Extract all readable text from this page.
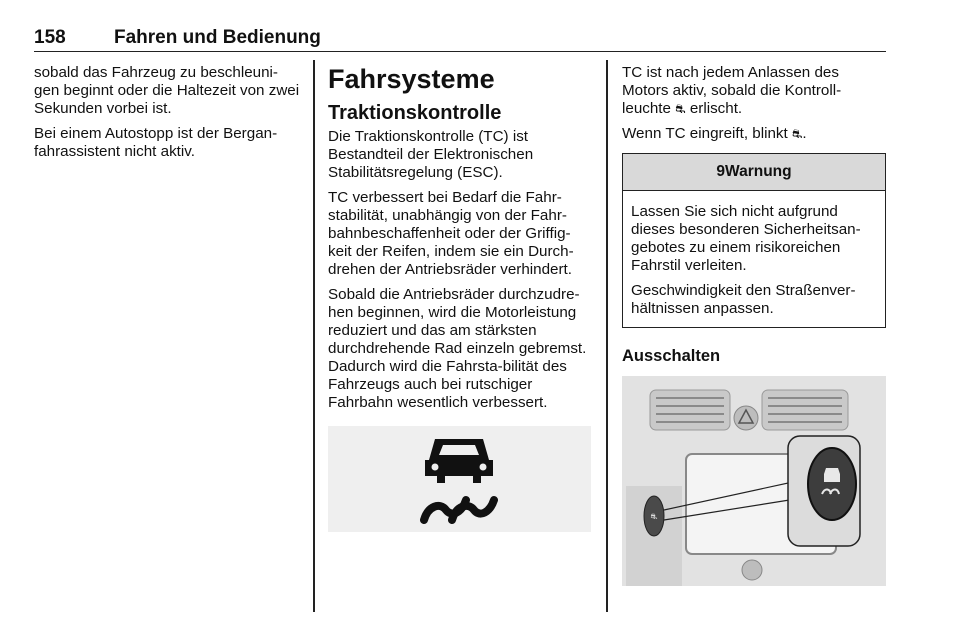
158	Fahren und Bedienung

sobald das Fahrzeug zu beschleuni-gen beginnt oder die Haltezeit von zwei Sekunden vorbei ist.

Bei einem Autostopp ist der Bergan-fahrassistent nicht aktiv.

Fahrsysteme
Traktionskontrolle

Die Traktionskontrolle (TC) ist Bestandteil der Elektronischen Stabilitätsregelung (ESC).

TC verbessert bei Bedarf die Fahr-stabilität, unabhängig von der Fahr-bahnbeschaffenheit oder der Griffig-keit der Reifen, indem sie ein Durch-drehen der Antriebsräder verhindert.

Sobald die Antriebsräder durchzudre-hen beginnen, wird die Motorleistung reduziert und das am stärksten durchdrehende Rad einzeln gebremst. Dadurch wird die Fahrsta-bilität des Fahrzeugs auch bei rutschiger Fahrbahn wesentlich verbessert.

TC ist nach jedem Anlassen des Motors aktiv, sobald die Kontroll-leuchte ⛐ erlischt.

Wenn TC eingreift, blinkt ⛐.

9Warnung

Lassen Sie sich nicht aufgrund dieses besonderen Sicherheitsan-gebotes zu einem risikoreichen Fahrstil verleiten.

Geschwindigkeit den Straßenver-hältnissen anpassen.

Ausschalten
⛐
